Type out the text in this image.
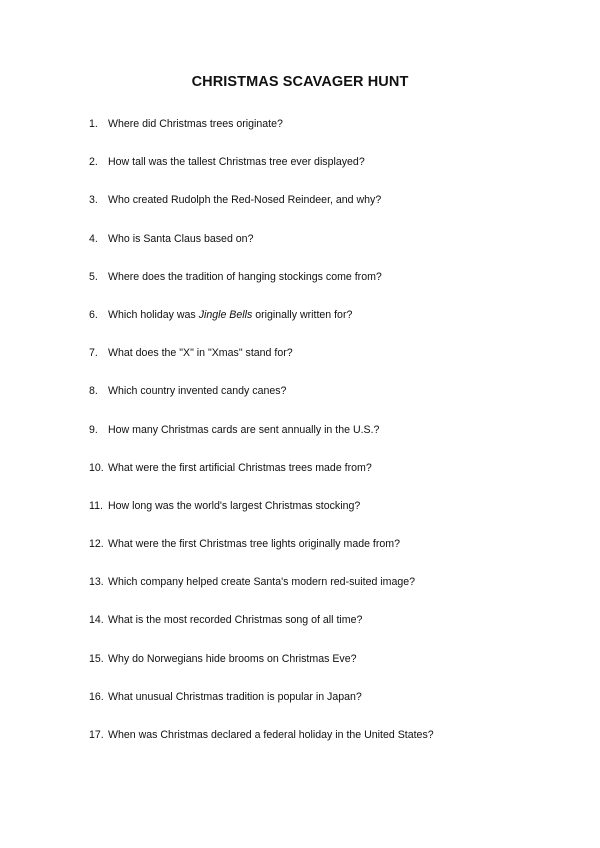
CHRISTMAS SCAVAGER HUNT
1. Where did Christmas trees originate?
2. How tall was the tallest Christmas tree ever displayed?
3. Who created Rudolph the Red-Nosed Reindeer, and why?
4. Who is Santa Claus based on?
5. Where does the tradition of hanging stockings come from?
6. Which holiday was Jingle Bells originally written for?
7. What does the "X" in "Xmas" stand for?
8. Which country invented candy canes?
9. How many Christmas cards are sent annually in the U.S.?
10. What were the first artificial Christmas trees made from?
11. How long was the world's largest Christmas stocking?
12. What were the first Christmas tree lights originally made from?
13. Which company helped create Santa's modern red-suited image?
14. What is the most recorded Christmas song of all time?
15. Why do Norwegians hide brooms on Christmas Eve?
16. What unusual Christmas tradition is popular in Japan?
17. When was Christmas declared a federal holiday in the United States?
